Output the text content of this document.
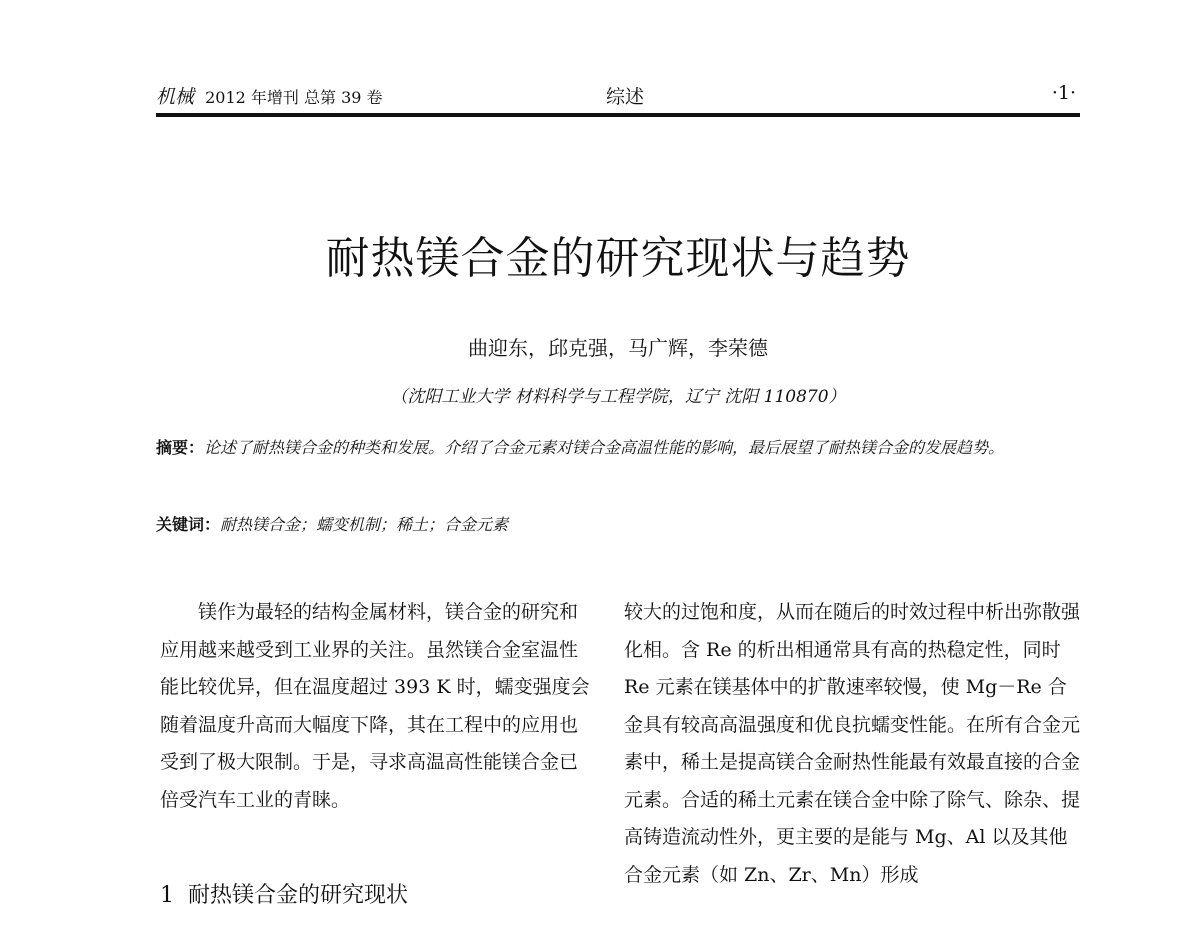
机械 2012 年增刊 总第 39 卷	综述	·1·
耐热镁合金的研究现状与趋势
曲迎东，邱克强，马广辉，李荣德
（沈阳工业大学 材料科学与工程学院，辽宁 沈阳 110870）
摘要：论述了耐热镁合金的种类和发展。介绍了合金元素对镁合金高温性能的影响，最后展望了耐热镁合金的发展趋势。
关键词：耐热镁合金；蠕变机制；稀土；合金元素
镁作为最轻的结构金属材料，镁合金的研究和应用越来越受到工业界的关注。虽然镁合金室温性能比较优异，但在温度超过 393 K 时，蠕变强度会随着温度升高而大幅度下降，其在工程中的应用也受到了极大限制。于是，寻求高温高性能镁合金已倍受汽车工业的青睐。
较大的过饱和度，从而在随后的时效过程中析出弥散强化相。含 Re 的析出相通常具有高的热稳定性，同时 Re 元素在镁基体中的扩散速率较慢，使 Mg－Re 合金具有较高高温强度和优良抗蠕变性能。在所有合金元素中，稀土是提高镁合金耐热性能最有效最直接的合金元素。合适的稀土元素在镁合金中除了除气、除杂、提高铸造流动性外，更主要的是能与 Mg、Al 以及其他合金元素（如 Zn、Zr、Mn）形成
1 耐热镁合金的研究现状
